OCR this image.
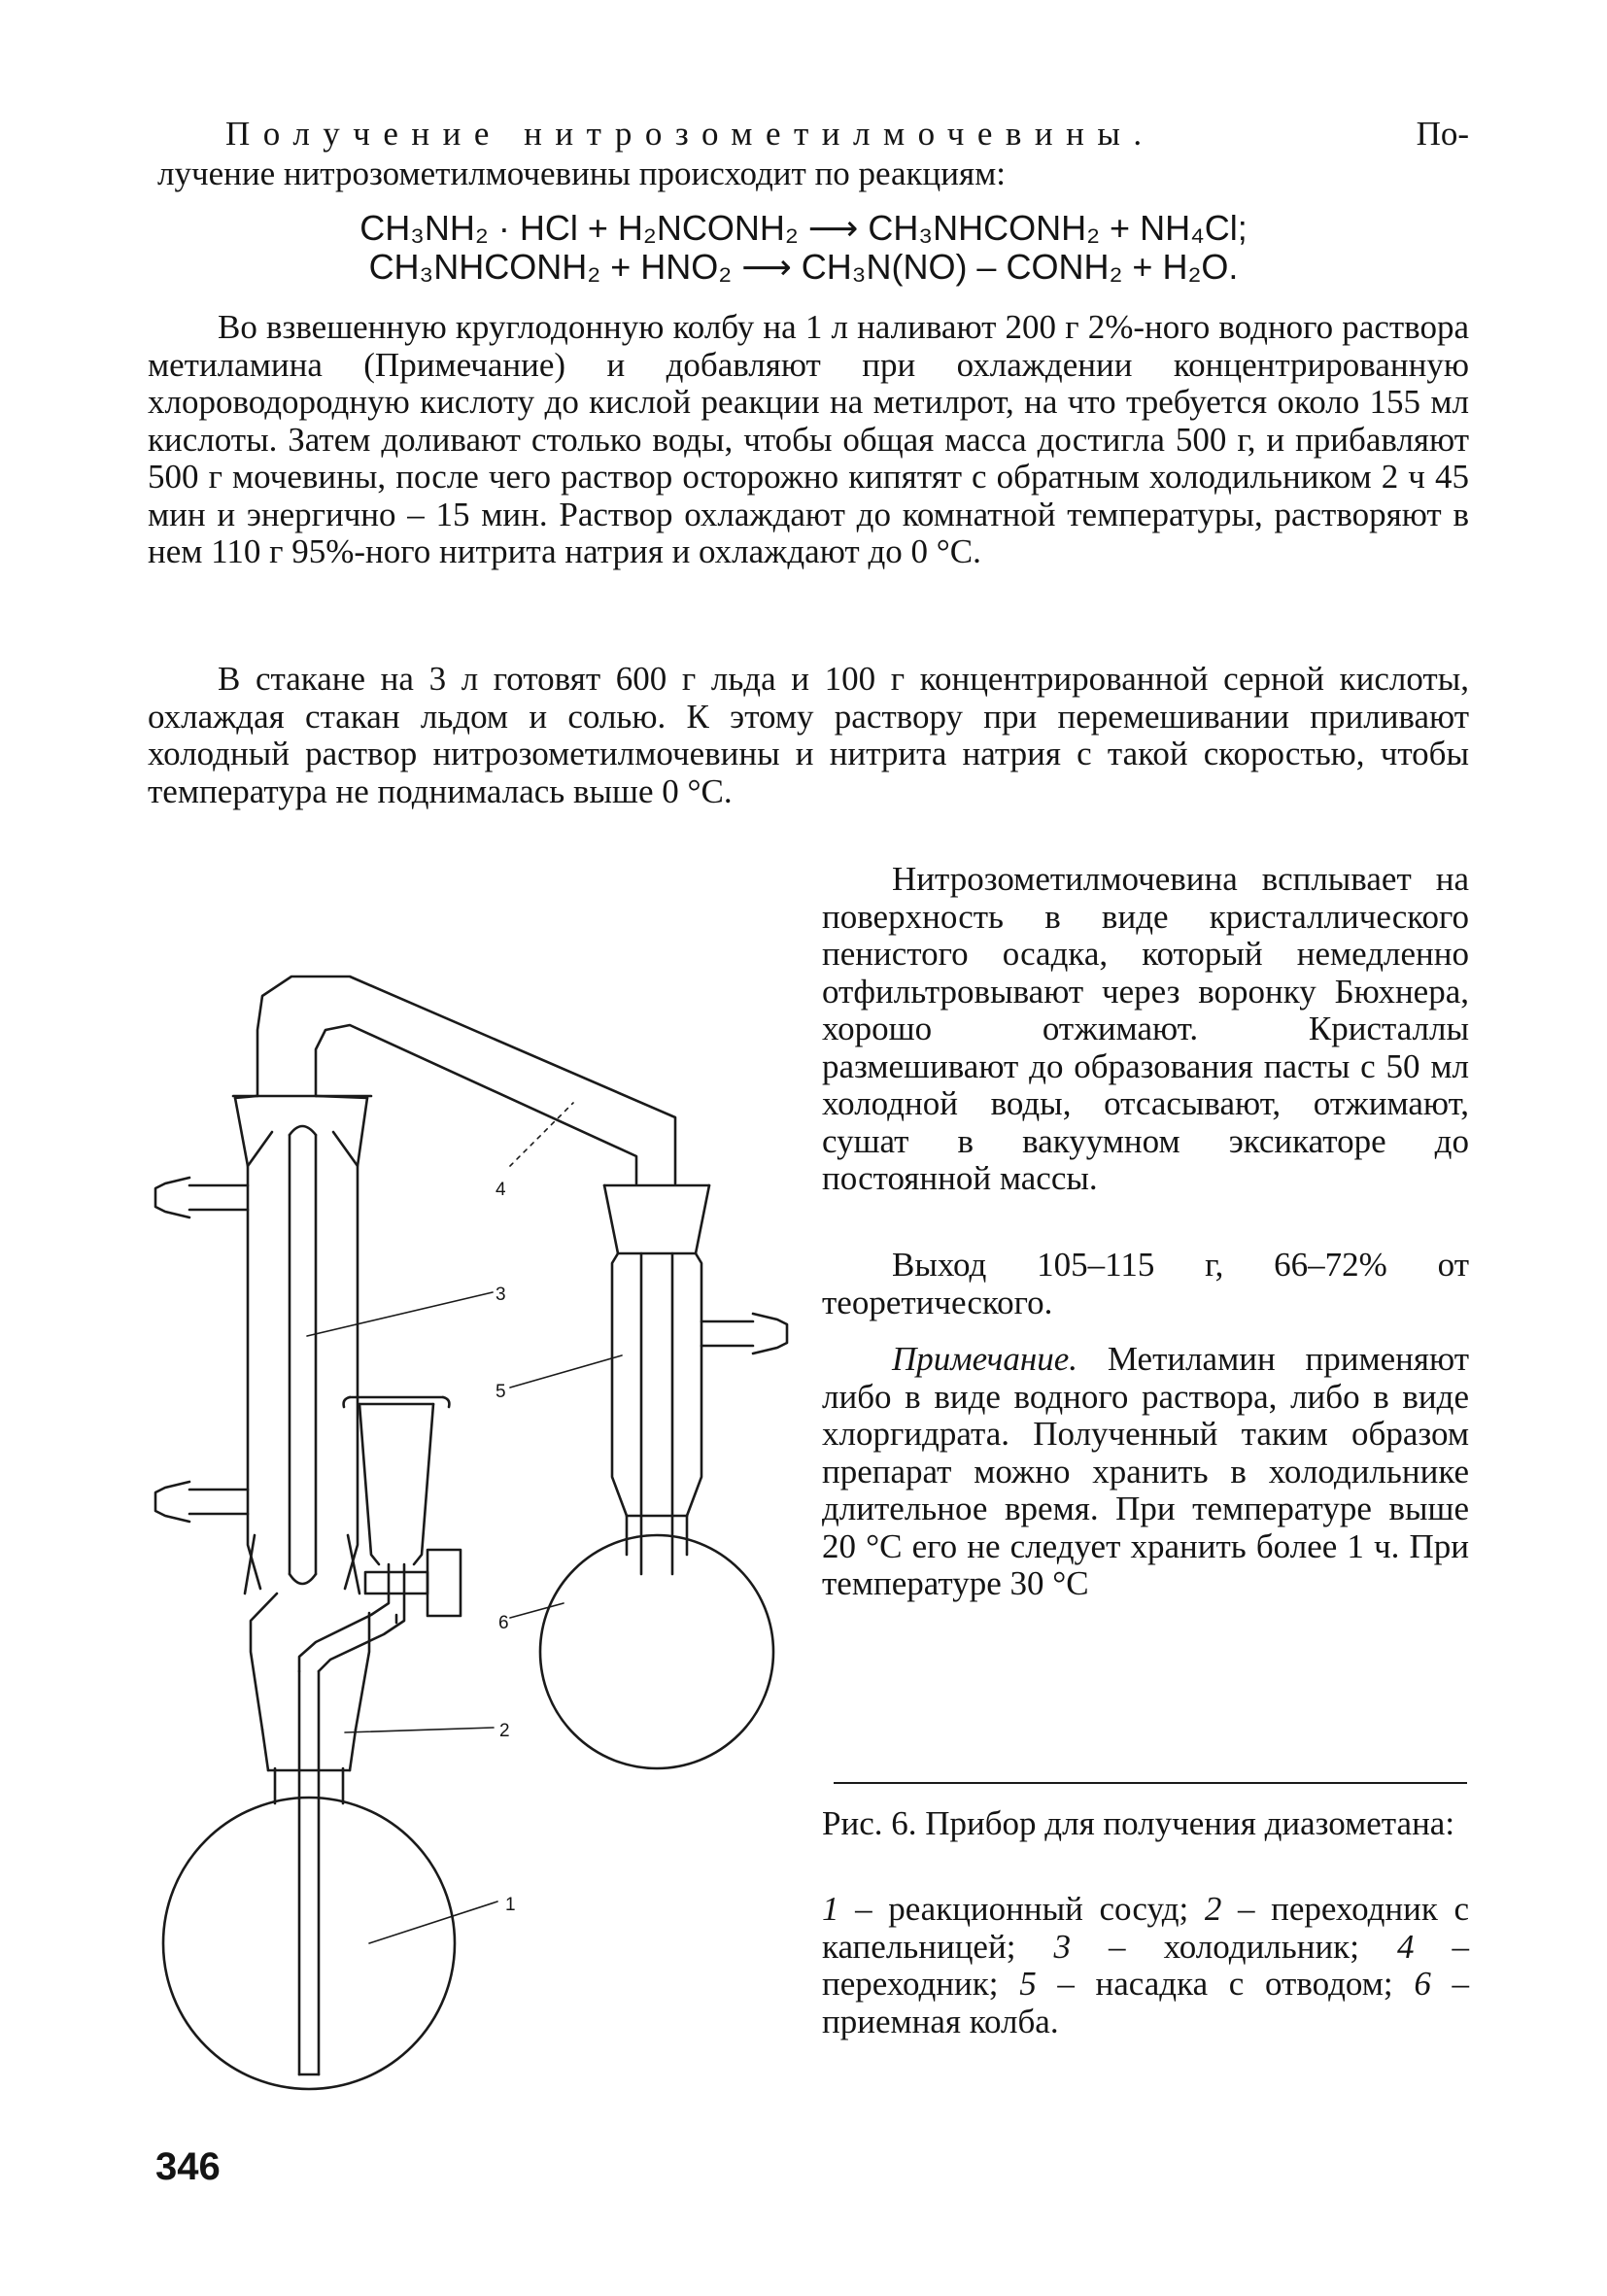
Получение нитрозометилмочевины.	По-

лучение нитрозометилмочевины происходит по реакциям:

CH₃NH₂ · HCl + H₂NCONH₂ ⟶ CH₃NHCONH₂ + NH₄Cl;
CH₃NHCONH₂ + HNO₂ ⟶ CH₃N(NO) – CONH₂ + H₂O.

Во взвешенную круглодонную колбу на 1 л наливают 200 г 2%-ного водного раствора метиламина (Примечание) и добавляют при охлаждении концентрированную хлороводородную кислоту до кислой реакции на метилрот, на что требуется около 155 мл кислоты. Затем доливают столько воды, чтобы общая масса достигла 500 г, и прибавляют 500 г мочевины, после чего раствор осторожно кипятят с обратным холодильником 2 ч 45 мин и энергично – 15 мин. Раствор охлаждают до комнатной температуры, растворяют в нем 110 г 95%-ного нитрита натрия и охлаждают до 0 °С.

В стакане на 3 л готовят 600 г льда и 100 г концентрированной серной кислоты, охлаждая стакан льдом и солью. К этому раствору при перемешивании приливают холодный раствор нитрозометилмочевины и нитрита натрия с такой скоростью, чтобы температура не поднималась выше 0 °С.

Нитрозометилмочевина всплывает на поверхность в виде кристаллического пенистого осадка, который немедленно отфильтровывают через воронку Бюхнера, хорошо отжимают. Кристаллы размешивают до образования пасты с 50 мл холодной воды, отсасывают, отжимают, сушат в вакуумном эксикаторе до постоянной массы.

Выход 105–115 г, 66–72% от теоретического.

Примечание. Метиламин применяют либо в виде водного раствора, либо в виде хлоргидрата. Полученный таким образом препарат можно хранить в холодильнике длительное время. При температуре выше 20 °С его не следует хранить более 1 ч. При температуре 30 °С

Рис. 6. Прибор для получения диазометана:

1 – реакционный сосуд; 2 – переходник с капельницей; 3 – холодильник; 4 – переходник; 5 – насадка с отводом; 6 – приемная колба.

346
1
2
3
4
5
6
